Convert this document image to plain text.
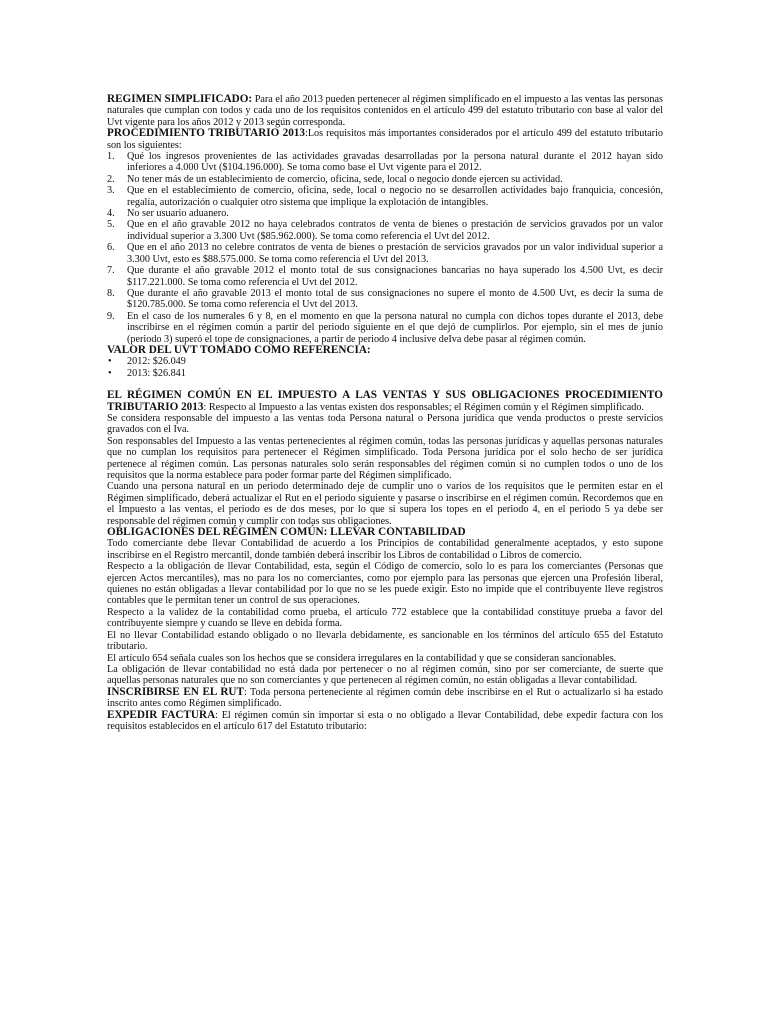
REGIMEN SIMPLIFICADO: Para el año 2013 pueden pertenecer al régimen simplificado en el impuesto a las ventas las personas naturales que cumplan con todos y cada uno de los requisitos contenidos en el artículo 499 del estatuto tributario con base al valor del Uvt vigente para los años 2012 y 2013 según corresponda.

PROCEDIMIENTO TRIBUTARIO 2013:Los requisitos más importantes considerados por el artículo 499 del estatuto tributario son los siguientes:

1. Qué los ingresos provenientes de las actividades gravadas desarrolladas por la persona natural durante el 2012 hayan sido inferiores a 4.000 Uvt ($104.196.000). Se toma como base el Uvt vigente para el 2012.
2. No tener más de un establecimiento de comercio, oficina, sede, local o negocio donde ejercen su actividad.
3. Que en el establecimiento de comercio, oficina, sede, local o negocio no se desarrollen actividades bajo franquicia, concesión, regalía, autorización o cualquier otro sistema que implique la explotación de intangibles.
4. No ser usuario aduanero.
5. Que en el año gravable 2012 no haya celebrados contratos de venta de bienes o prestación de servicios gravados por un valor individual superior a 3.300 Uvt ($85.962.000). Se toma como referencia el Uvt del 2012.
6. Que en el año 2013 no celebre contratos de venta de bienes o prestación de servicios gravados por un valor individual superior a 3.300 Uvt, esto es $88.575.000. Se toma como referencia el Uvt del 2013.
7. Que durante el año gravable 2012 el monto total de sus consignaciones bancarias no haya superado los 4.500 Uvt, es decir $117.221.000. Se toma como referencia el Uvt del 2012.
8. Que durante el año gravable 2013 el monto total de sus consignaciones no supere el monto de 4.500 Uvt, es decir la suma de $120.785.000. Se toma como referencia el Uvt del 2013.
9. En el caso de los numerales 6 y 8, en el momento en que la persona natural no cumpla con dichos topes durante el 2013, debe inscribirse en el régimen común a partir del periodo siguiente en el que dejó de cumplirlos. Por ejemplo, sin el mes de junio (periodo 3) superó el tope de consignaciones, a partir de periodo 4 inclusive deIva debe pasar al régimen común.

VALOR DEL UVT TOMADO COMO REFERENCIA:

• 2012: $26.049
• 2013: $26.841

EL RÉGIMEN COMÚN EN EL IMPUESTO A LAS VENTAS Y SUS OBLIGACIONES PROCEDIMIENTO TRIBUTARIO 2013: Respecto al Impuesto a las ventas existen dos responsables; el Régimen común y el Régimen simplificado.

Se considera responsable del impuesto a las ventas toda Persona natural o Persona jurídica que venda productos o preste servicios gravados con el Iva.

Son responsables del Impuesto a las ventas pertenecientes al régimen común, todas las personas jurídicas y aquellas personas naturales que no cumplan los requisitos para pertenecer el Régimen simplificado. Toda Persona jurídica por el solo hecho de ser jurídica pertenece al régimen común. Las personas naturales solo serán responsables del régimen común si no cumplen todos o uno de los requisitos que la norma establece para poder formar parte del Régimen simplificado.

Cuando una persona natural en un periodo determinado deje de cumplir uno o varios de los requisitos que le permiten estar en el Régimen simplificado, deberá actualizar el Rut en el periodo siguiente y pasarse o inscribirse en el régimen común. Recordemos que en el Impuesto a las ventas, el periodo es de dos meses, por lo que si supera los topes en el periodo 4, en el periodo 5 ya debe ser responsable del régimen común y cumplir con todas sus obligaciones.

OBLIGACIONES DEL RÉGIMEN COMÚN: LLEVAR CONTABILIDAD

Todo comerciante debe llevar Contabilidad de acuerdo a los Principios de contabilidad generalmente aceptados, y esto supone inscribirse en el Registro mercantil, donde también deberá inscribir los Libros de contabilidad o Libros de comercio.

Respecto a la obligación de llevar Contabilidad, esta, según el Código de comercio, solo lo es para los comerciantes (Personas que ejercen Actos mercantiles), mas no para los no comerciantes, como por ejemplo para las personas que ejercen una Profesión liberal, quienes no están obligadas a llevar contabilidad por lo que no se les puede exigir. Esto no impide que el contribuyente lleve registros contables que le permitan tener un control de sus operaciones.

Respecto a la validez de la contabilidad como prueba, el artículo 772 establece que la contabilidad constituye prueba a favor del contribuyente siempre y cuando se lleve en debida forma.

El no llevar Contabilidad estando obligado o no llevarla debidamente, es sancionable en los términos del artículo 655 del Estatuto tributario.

El artículo 654 señala cuales son los hechos que se considera irregulares en la contabilidad y que se consideran sancionables.

La obligación de llevar contabilidad no está dada por pertenecer o no al régimen común, sino por ser comerciante, de suerte que aquellas personas naturales que no son comerciantes y que pertenecen al régimen común, no están obligadas a llevar contabilidad.

INSCRIBIRSE EN EL RUT: Toda persona perteneciente al régimen común debe inscribirse en el Rut o actualizarlo si ha estado inscrito antes como Régimen simplificado.

EXPEDIR FACTURA: El régimen común sin importar si esta o no obligado a llevar Contabilidad, debe expedir factura con los requisitos establecidos en el artículo 617 del Estatuto tributario:
